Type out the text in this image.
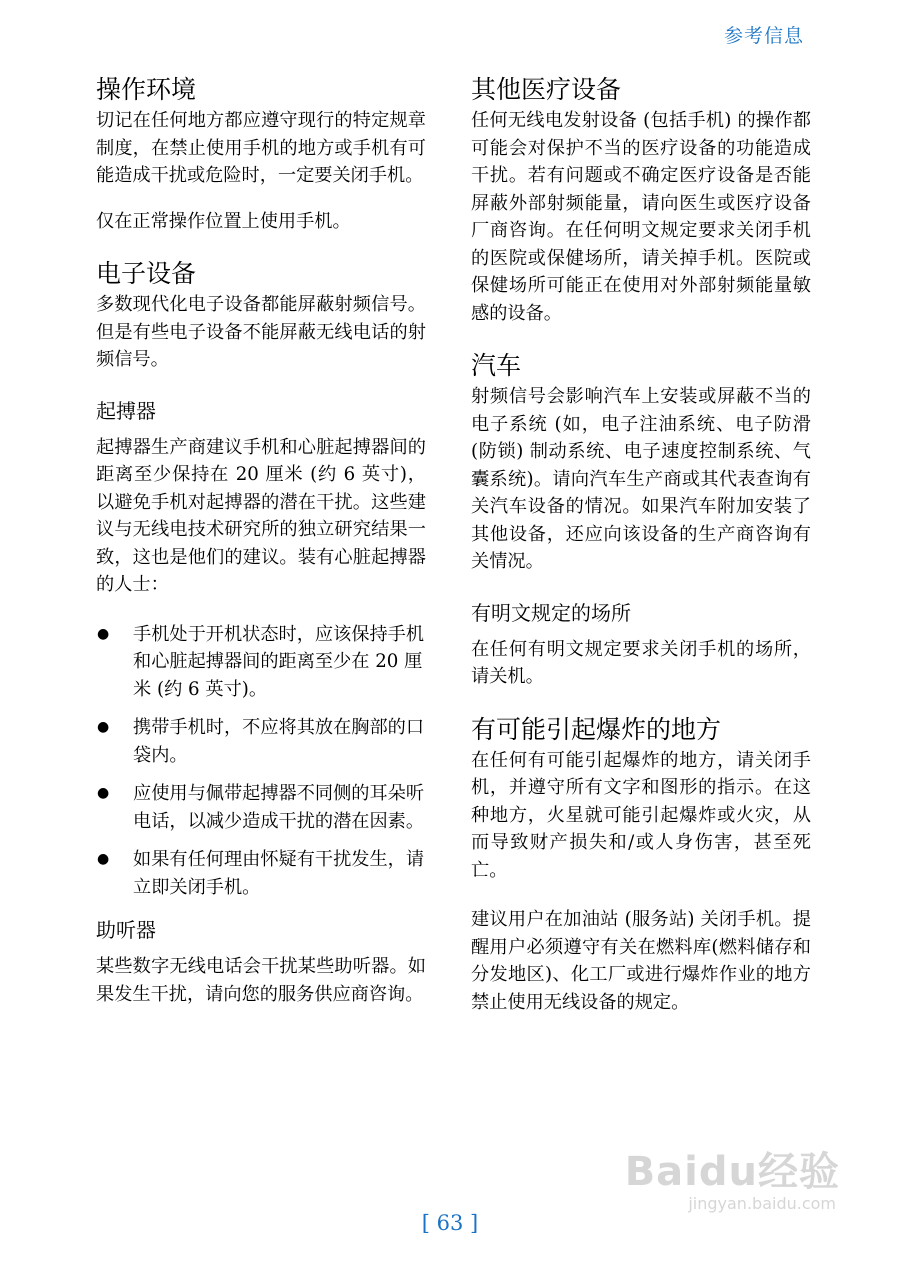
参考信息
操作环境

切记在任何地方都应遵守现行的特定规章制度，在禁止使用手机的地方或手机有可能造成干扰或危险时，一定要关闭手机。

仅在正常操作位置上使用手机。

电子设备

多数现代化电子设备都能屏蔽射频信号。但是有些电子设备不能屏蔽无线电话的射频信号。

起搏器

起搏器生产商建议手机和心脏起搏器间的距离至少保持在 20 厘米 (约 6 英寸)，以避免手机对起搏器的潜在干扰。这些建议与无线电技术研究所的独立研究结果一致，这也是他们的建议。装有心脏起搏器的人士：

● 手机处于开机状态时，应该保持手机和心脏起搏器间的距离至少在 20 厘米 (约 6 英寸)。
● 携带手机时，不应将其放在胸部的口袋内。
● 应使用与佩带起搏器不同侧的耳朵听电话，以减少造成干扰的潜在因素。
● 如果有任何理由怀疑有干扰发生，请立即关闭手机。
助听器

某些数字无线电话会干扰某些助听器。如果发生干扰，请向您的服务供应商咨询。

其他医疗设备

任何无线电发射设备 (包括手机) 的操作都可能会对保护不当的医疗设备的功能造成干扰。若有问题或不确定医疗设备是否能屏蔽外部射频能量，请向医生或医疗设备厂商咨询。在任何明文规定要求关闭手机的医院或保健场所，请关掉手机。医院或保健场所可能正在使用对外部射频能量敏感的设备。

汽车

射频信号会影响汽车上安装或屏蔽不当的电子系统 (如，电子注油系统、电子防滑 (防锁) 制动系统、电子速度控制系统、气囊系统)。请向汽车生产商或其代表查询有关汽车设备的情况。如果汽车附加安装了其他设备，还应向该设备的生产商咨询有关情况。

有明文规定的场所

在任何有明文规定要求关闭手机的场所，请关机。

有可能引起爆炸的地方

在任何有可能引起爆炸的地方，请关闭手机，并遵守所有文字和图形的指示。在这种地方，火星就可能引起爆炸或火灾，从而导致财产损失和/或人身伤害，甚至死亡。

建议用户在加油站 (服务站) 关闭手机。提醒用户必须遵守有关在燃料库(燃料储存和分发地区)、化工厂或进行爆炸作业的地方禁止使用无线设备的规定。

Baidu经验
jingyan.baidu.com
[ 63 ]
